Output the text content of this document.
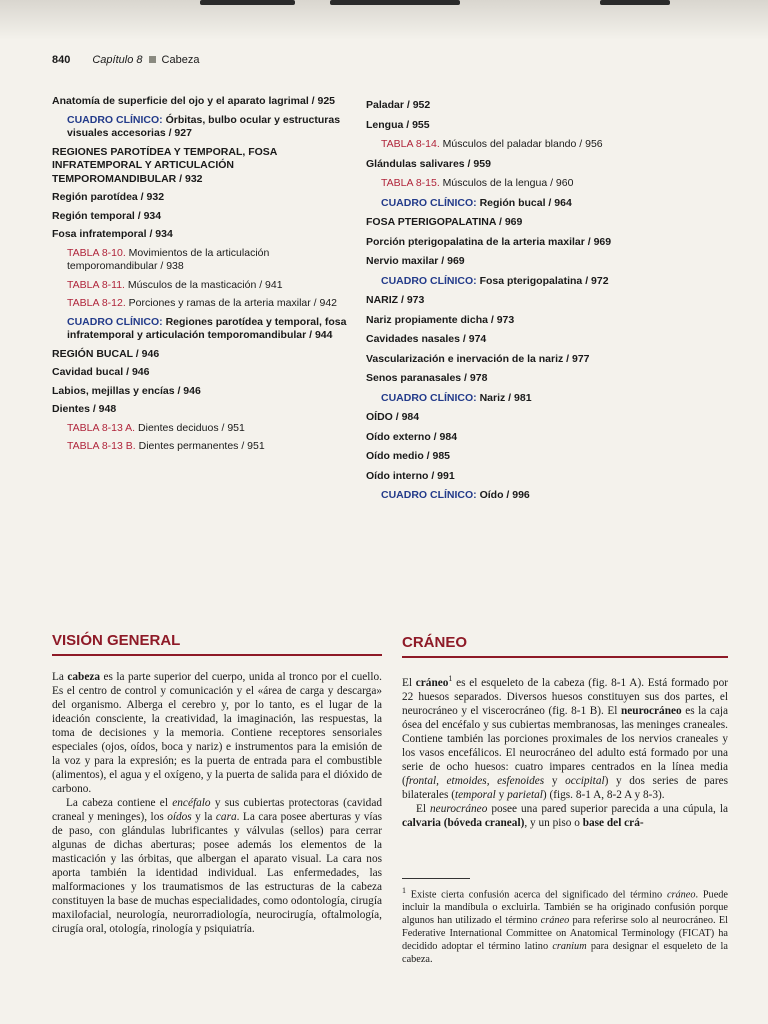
840 Capítulo 8 Cabeza
Anatomía de superficie del ojo y el aparato lagrimal / 925
CUADRO CLÍNICO: Órbitas, bulbo ocular y estructuras visuales accesorias / 927
REGIONES PAROTÍDEA Y TEMPORAL, FOSA INFRATEMPORAL Y ARTICULACIÓN TEMPOROMANDIBULAR / 932
Región parotídea / 932
Región temporal / 934
Fosa infratemporal / 934
TABLA 8-10. Movimientos de la articulación temporomandibular / 938
TABLA 8-11. Músculos de la masticación / 941
TABLA 8-12. Porciones y ramas de la arteria maxilar / 942
CUADRO CLÍNICO: Regiones parotídea y temporal, fosa infratemporal y articulación temporomandibular / 944
REGIÓN BUCAL / 946
Cavidad bucal / 946
Labios, mejillas y encías / 946
Dientes / 948
TABLA 8-13 A. Dientes deciduos / 951
TABLA 8-13 B. Dientes permanentes / 951
Paladar / 952
Lengua / 955
TABLA 8-14. Músculos del paladar blando / 956
Glándulas salivares / 959
TABLA 8-15. Músculos de la lengua / 960
CUADRO CLÍNICO: Región bucal / 964
FOSA PTERIGOPALATINA / 969
Porción pterigopalatina de la arteria maxilar / 969
Nervio maxilar / 969
CUADRO CLÍNICO: Fosa pterigopalatina / 972
NARIZ / 973
Nariz propiamente dicha / 973
Cavidades nasales / 974
Vascularización e inervación de la nariz / 977
Senos paranasales / 978
CUADRO CLÍNICO: Nariz / 981
OÍDO / 984
Oído externo / 984
Oído medio / 985
Oído interno / 991
CUADRO CLÍNICO: Oído / 996
VISIÓN GENERAL	CRÁNEO

La cabeza es la parte superior del cuerpo, unida al tronco por el cuello. Es el centro de control y comunicación y el «área de carga y descarga» del organismo. Alberga el cerebro y, por lo tanto, es el lugar de la ideación consciente, la creatividad, la imaginación, las respuestas, la toma de decisiones y la memoria. Contiene receptores sensoriales especiales (ojos, oídos, boca y nariz) e instrumentos para la emisión de la voz y para la expresión; es la puerta de entrada para el combustible (alimentos), el agua y el oxígeno, y la puerta de salida para el dióxido de carbono.

La cabeza contiene el encéfalo y sus cubiertas protectoras (cavidad craneal y meninges), los oídos y la cara. La cara posee aberturas y vías de paso, con glándulas lubrificantes y válvulas (sellos) para cerrar algunas de dichas aberturas; posee además los elementos de la masticación y las órbitas, que albergan el aparato visual. La cara nos aporta también la identidad individual. Las enfermedades, las malformaciones y los traumatismos de las estructuras de la cabeza constituyen la base de muchas especialidades, como odontología, cirugía maxilofacial, neurología, neurorradiología, neurocirugía, oftalmología, cirugía oral, otología, rinología y psiquiatría.

El cráneo$^1$ es el esqueleto de la cabeza (fig. 8-1 A). Está formado por 22 huesos separados. Diversos huesos constituyen sus dos partes, el neurocráneo y el viscerocráneo (fig. 8-1 B). El neurocráneo es la caja ósea del encéfalo y sus cubiertas membranosas, las meninges craneales. Contiene también las porciones proximales de los nervios craneales y los vasos encefálicos. El neurocráneo del adulto está formado por una serie de ocho huesos: cuatro impares centrados en la línea media (frontal, etmoides, esfenoides y occipital) y dos series de pares bilaterales (temporal y parietal) (figs. 8-1 A, 8-2 A y 8-3).

El neurocráneo posee una pared superior parecida a una cúpula, la calvaria (bóveda craneal), y un piso o base del crá-

$^1$ Existe cierta confusión acerca del significado del término cráneo. Puede incluir la mandíbula o excluirla. También se ha originado confusión porque algunos han utilizado el término cráneo para referirse solo al neurocráneo. El Federative International Committee on Anatomical Terminology (FICAT) ha decidido adoptar el término latino cranium para designar el esqueleto de la cabeza.
